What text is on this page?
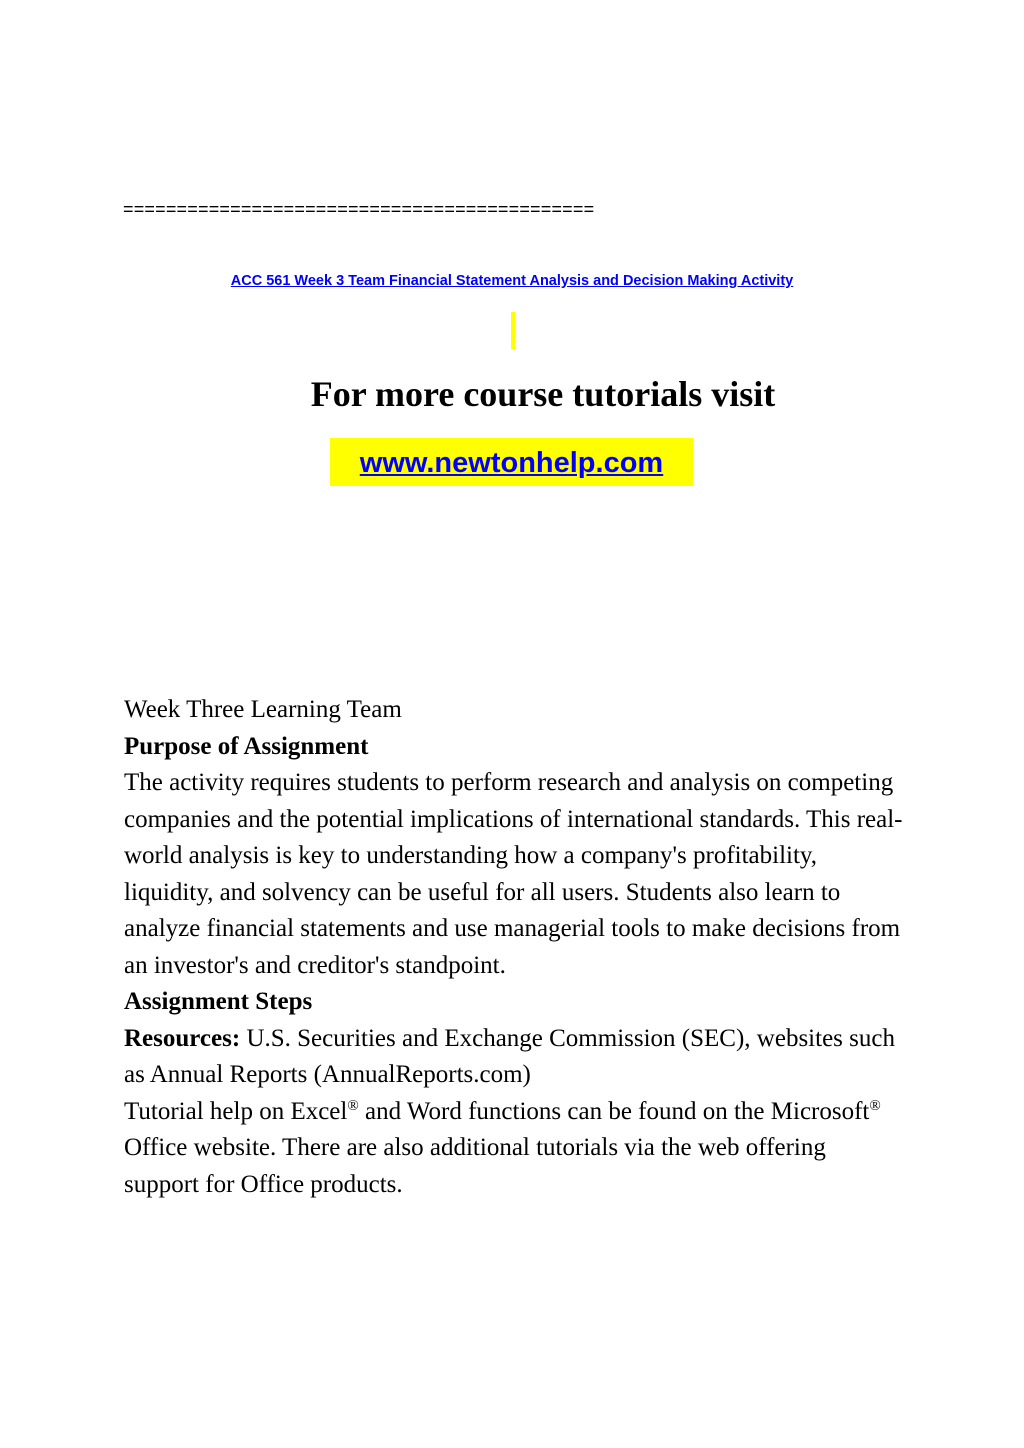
============================================
ACC 561 Week 3 Team Financial Statement Analysis and Decision Making Activity
For more course tutorials visit
www.newtonhelp.com

Week Three Learning Team

Purpose of Assignment

The activity requires students to perform research and analysis on competing companies and the potential implications of international standards. This real-world analysis is key to understanding how a company's profitability, liquidity, and solvency can be useful for all users. Students also learn to analyze financial statements and use managerial tools to make decisions from an investor's and creditor's standpoint.

Assignment Steps

Resources: U.S. Securities and Exchange Commission (SEC), websites such as Annual Reports (AnnualReports.com)

Tutorial help on Excel® and Word functions can be found on the Microsoft® Office website. There are also additional tutorials via the web offering support for Office products.
